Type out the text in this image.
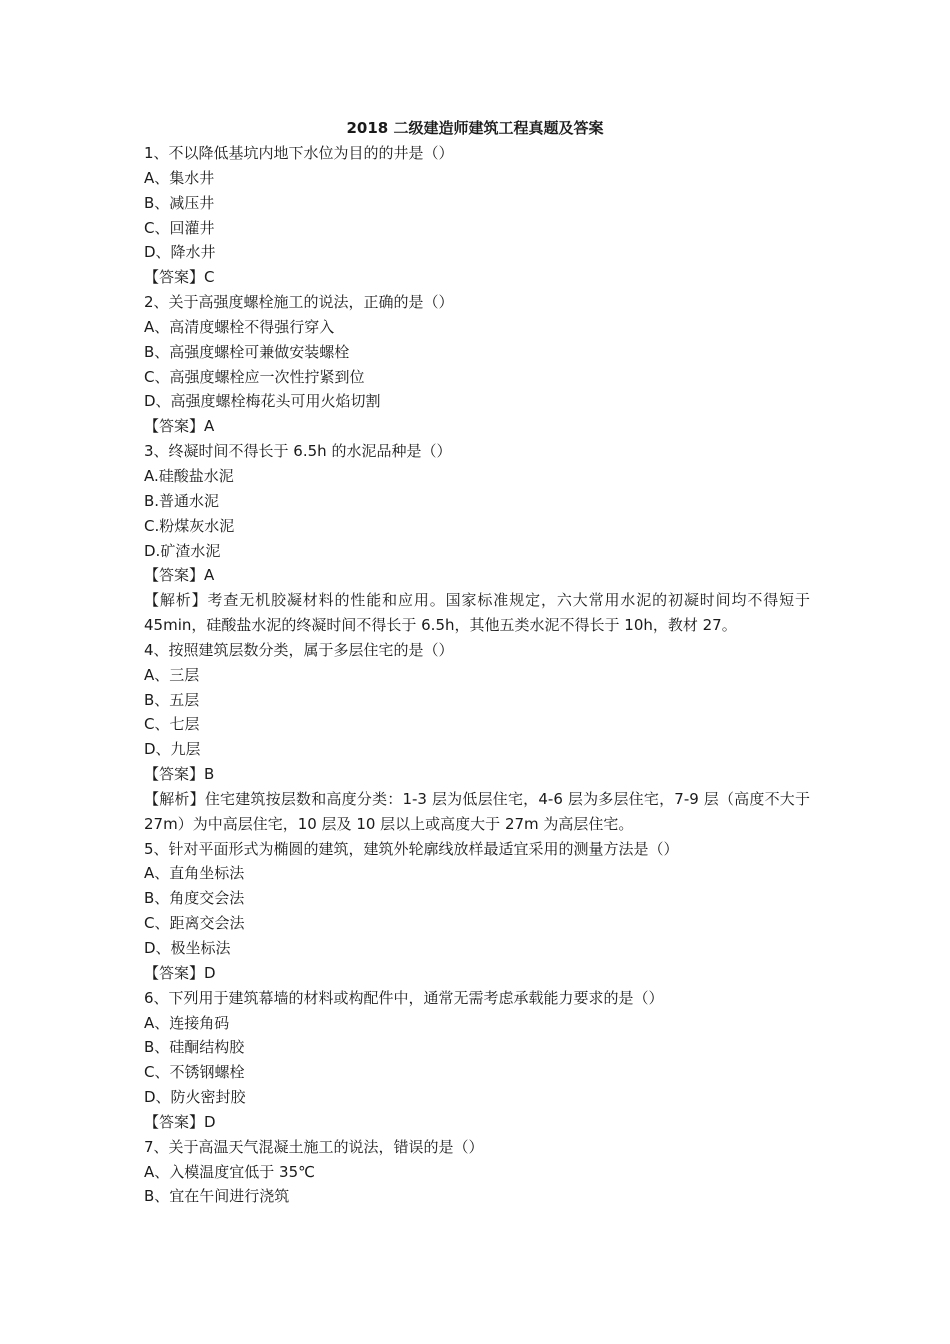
2018 二级建造师建筑工程真题及答案

1、不以降低基坑内地下水位为目的的井是（）

A、集水井

B、减压井

C、回灌井

D、降水井

【答案】C

2、关于高强度螺栓施工的说法，正确的是（）

A、高清度螺栓不得强行穿入

B、高强度螺栓可兼做安装螺栓

C、高强度螺栓应一次性拧紧到位

D、高强度螺栓梅花头可用火焰切割

【答案】A

3、终凝时间不得长于 6.5h 的水泥品种是（）

A.硅酸盐水泥

B.普通水泥

C.粉煤灰水泥

D.矿渣水泥

【答案】A

【解析】考查无机胶凝材料的性能和应用。国家标准规定，六大常用水泥的初凝时间均不得短于 45min，硅酸盐水泥的终凝时间不得长于 6.5h，其他五类水泥不得长于 10h，教材 27。

4、按照建筑层数分类，属于多层住宅的是（）

A、三层

B、五层

C、七层

D、九层

【答案】B

【解析】住宅建筑按层数和高度分类：1-3 层为低层住宅，4-6 层为多层住宅，7-9 层（高度不大于 27m）为中高层住宅，10 层及 10 层以上或高度大于 27m 为高层住宅。

5、针对平面形式为椭圆的建筑，建筑外轮廓线放样最适宜采用的测量方法是（）

A、直角坐标法

B、角度交会法

C、距离交会法

D、极坐标法

【答案】D

6、下列用于建筑幕墙的材料或构配件中，通常无需考虑承载能力要求的是（）

A、连接角码

B、硅酮结构胶

C、不锈钢螺栓

D、防火密封胶

【答案】D

7、关于高温天气混凝土施工的说法，错误的是（）

A、入模温度宜低于 35℃

B、宜在午间进行浇筑
